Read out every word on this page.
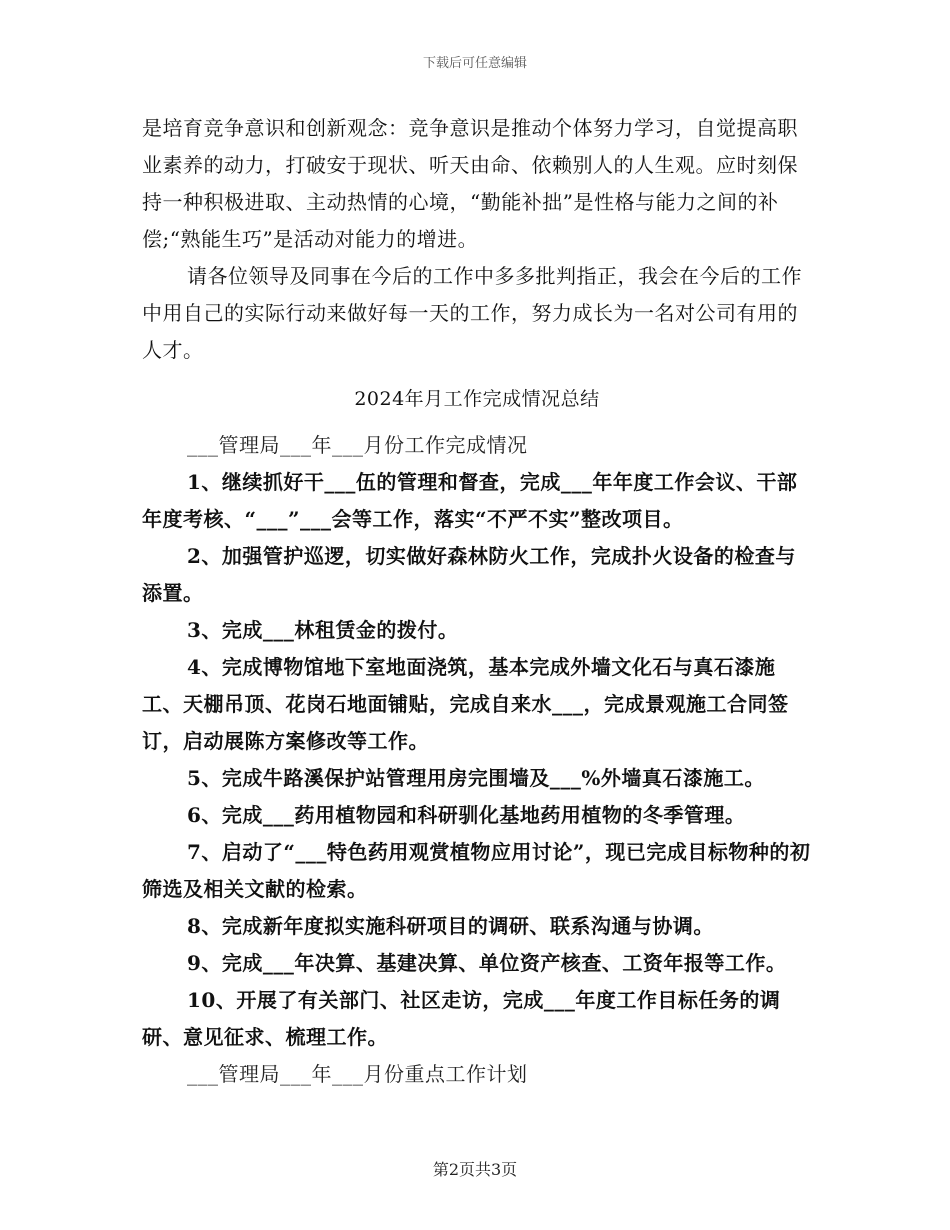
下载后可任意编辑

是培育竞争意识和创新观念：竞争意识是推动个体努力学习，自觉提高职业素养的动力，打破安于现状、听天由命、依赖别人的人生观。应时刻保持一种积极进取、主动热情的心境，“勤能补拙”是性格与能力之间的补偿;“熟能生巧”是活动对能力的增进。

请各位领导及同事在今后的工作中多多批判指正，我会在今后的工作中用自己的实际行动来做好每一天的工作，努力成长为一名对公司有用的人才。

2024年月工作完成情况总结

___管理局___年___月份工作完成情况

1、继续抓好干___伍的管理和督查，完成___年年度工作会议、干部年度考核、“___”___会等工作，落实“不严不实”整改项目。

2、加强管护巡逻，切实做好森林防火工作，完成扑火设备的检查与添置。

3、完成___林租赁金的拨付。

4、完成博物馆地下室地面浇筑，基本完成外墙文化石与真石漆施工、天棚吊顶、花岗石地面铺贴，完成自来水___，完成景观施工合同签订，启动展陈方案修改等工作。

5、完成牛路溪保护站管理用房完围墙及___%外墙真石漆施工。

6、完成___药用植物园和科研驯化基地药用植物的冬季管理。

7、启动了“___特色药用观赏植物应用讨论”，现已完成目标物种的初筛选及相关文献的检索。

8、完成新年度拟实施科研项目的调研、联系沟通与协调。

9、完成___年决算、基建决算、单位资产核查、工资年报等工作。

10、开展了有关部门、社区走访，完成___年度工作目标任务的调研、意见征求、梳理工作。

___管理局___年___月份重点工作计划

第2页共3页
